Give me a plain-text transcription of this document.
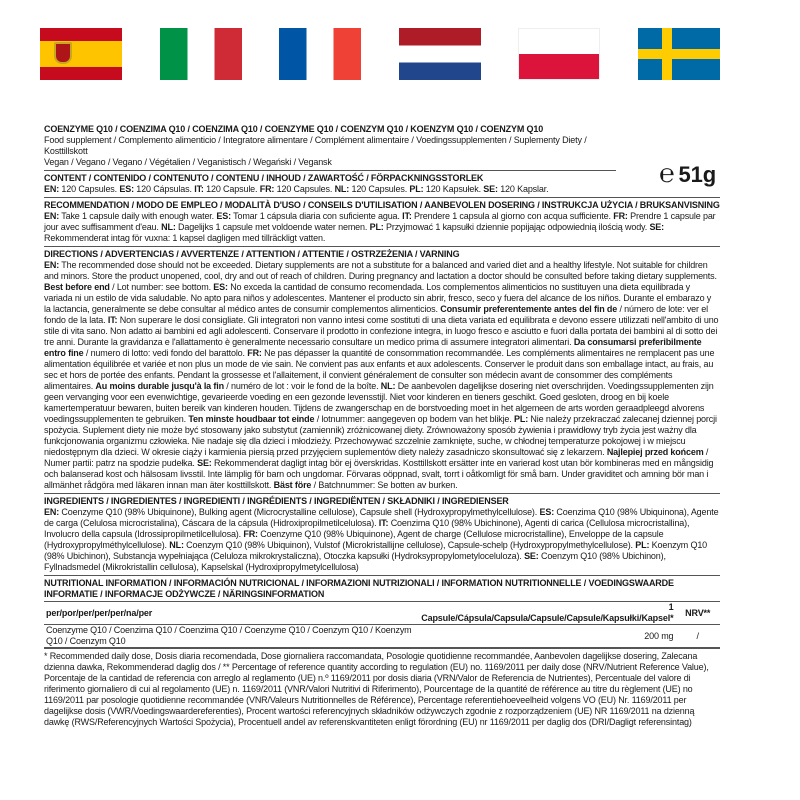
COENZYME Q10 / COENZIMA Q10 / COENZIMA Q10 / COENZYME Q10 / COENZYM Q10 / KOENZYM Q10 / COENZYM Q10

Food supplement / Complemento alimenticio / Integratore alimentare / Complément alimentaire / Voedingssupplementen / Suplementy Diety / Kosttillskott

Vegan / Vegano / Vegano / Végétalien / Veganistisch / Wegański / Vegansk

CONTENT / CONTENIDO / CONTENUTO / CONTENU / INHOUD / ZAWARTOŚĆ / FÖRPACKNINGSSTORLEK

EN: 120 Capsules. ES: 120 Cápsulas. IT: 120 Capsule. FR: 120 Capsules. NL: 120 Capsules. PL: 120 Kapsułek. SE: 120 Kapslar.

℮ 51g

RECOMMENDATION / MODO DE EMPLEO / MODALITÀ D'USO / CONSEILS D'UTILISATION / AANBEVOLEN DOSERING / INSTRUKCJA UŻYCIA / BRUKSANVISNING

EN: Take 1 capsule daily with enough water. ES: Tomar 1 cápsula diaria con suficiente agua. IT: Prendere 1 capsula al giorno con acqua sufficiente. FR: Prendre 1 capsule par jour avec suffisamment d'eau. NL: Dagelijks 1 capsule met voldoende water nemen. PL: Przyjmować 1 kapsułki dziennie popijając odpowiednią ilością wody. SE: Rekommenderat intag för vuxna: 1 kapsel dagligen med tillräckligt vatten.

DIRECTIONS / ADVERTENCIAS / AVVERTENZE / ATTENTION / ATTENTIE / OSTRZEŻENIA / VARNING

EN: The recommended dose should not be exceeded. Dietary supplements are not a substitute for a balanced and varied diet and a healthy lifestyle. Not suitable for children and minors. Store the product unopened, cool, dry and out of reach of children. During pregnancy and lactation a doctor should be consulted before taking dietary supplements. Best before end / Lot number: see bottom. ES: No exceda la cantidad de consumo recomendada. Los complementos alimenticios no sustituyen una dieta equilibrada y variada ni un estilo de vida saludable. No apto para niños y adolescentes. Mantener el producto sin abrir, fresco, seco y fuera del alcance de los niños. Durante el embarazo y la lactancia, generalmente se debe consultar al médico antes de consumir complementos alimenticios. Consumir preferentemente antes del fin de / número de lote: ver el fondo de la lata. IT: Non superare le dosi consigliate. Gli integratori non vanno intesi come sostituti di una dieta variata ed equilibrata e devono essere utilizzati nell'ambito di uno stile di vita sano. Non adatto ai bambini ed agli adolescenti. Conservare il prodotto in confezione integra, in luogo fresco e asciutto e fuori dalla portata dei bambini al di sotto dei tre anni. Durante la gravidanza e l'allattamento è generalmente necessario consultare un medico prima di assumere integratori alimentari. Da consumarsi preferibilmente entro fine / numero di lotto: vedi fondo del barattolo. FR: Ne pas dépasser la quantité de consommation recommandée. Les compléments alimentaires ne remplacent pas une alimentation équilibrée et variée et non plus un mode de vie sain. Ne convient pas aux enfants et aux adolescents. Conserver le produit dans son emballage intact, au frais, au sec et hors de portée des enfants. Pendant la grossesse et l'allaitement, il convient généralement de consulter son médecin avant de consommer des compléments alimentaires. Au moins durable jusqu'à la fin / numéro de lot : voir le fond de la boîte. NL: De aanbevolen dagelijkse dosering niet overschrijden. Voedingssupplementen zijn geen vervanging voor een evenwichtige, gevarieerde voeding en een gezonde levensstijl. Niet voor kinderen en tieners geschikt. Goed gesloten, droog en bij koele kamertemperatuur bewaren, buiten bereik van kinderen houden. Tijdens de zwangerschap en de borstvoeding moet in het algemeen de arts worden geraadpleegd alvorens voedingssupplementen te gebruiken. Ten minste houdbaar tot einde / lotnummer: aangegeven op bodem van het blikje. PL: Nie należy przekraczać zalecanej dziennej porcji spożycia. Suplement diety nie może być stosowany jako substytut (zamiennik) zróżnicowanej diety. Zrównoważony sposób żywienia i prawidłowy tryb życia jest ważny dla funkcjonowania organizmu człowieka. Nie nadaje się dla dzieci i młodzieży. Przechowywać szczelnie zamknięte, suche, w chłodnej temperaturze pokojowej i w miejscu niedostępnym dla dzieci. W okresie ciąży i karmienia piersią przed przyjęciem suplementów diety należy zasadniczo skonsultować się z lekarzem. Najlepiej przed końcem / Numer partii: patrz na spodzie pudełka. SE: Rekommenderat dagligt intag bör ej överskridas. Kosttillskott ersätter inte en varierad kost utan bör kombineras med en mångsidig och balanserad kost och hälsosam livsstil. Inte lämplig för barn och ungdomar. Förvaras oöppnad, svalt, torrt i oåtkomligt för små barn. Under graviditet och amning bör man i allmänhet rådgöra med läkaren innan man äter kosttillskott. Bäst före / Batchnummer: Se botten av burken.

INGREDIENTS / INGREDIENTES / INGREDIENTI / INGRÉDIENTS / INGREDIËNTEN / SKŁADNIKI / INGREDIENSER

EN: Coenzyme Q10 (98% Ubiquinone), Bulking agent (Microcrystalline cellulose), Capsule shell (Hydroxypropylmethylcellulose). ES: Coenzima Q10 (98% Ubiquinona), Agente de carga (Celulosa microcristalina), Cáscara de la cápsula (Hidroxipropilmetilcelulosa). IT: Coenzima Q10 (98% Ubichinone), Agenti di carica (Cellulosa microcristallina), Involucro della capsula (Idrossipropilmetilcellulosa). FR: Coenzyme Q10 (98% Ubiquinone), Agent de charge (Cellulose microcristalline), Enveloppe de la capsule (Hydroxypropylméthylcellulose). NL: Coenzym Q10 (98% Ubiquinon), Vulstof (Microkristallijne cellulose), Capsule-schelp (Hydroxypropylmethylcellulose). PL: Koenzym Q10 (98% Ubichinon), Substancja wypełniająca (Celuloza mikrokrystaliczna), Otoczka kapsułki (Hydroksypropylometyloceluloza). SE: Coenzym Q10 (98% Ubichinon), Fyllnadsmedel (Mikrokristallin cellulosa), Kapselskal (Hydroxipropylmetylcellulosa)

NUTRITIONAL INFORMATION / INFORMACIÓN NUTRICIONAL / INFORMAZIONI NUTRIZIONALI / INFORMATION NUTRITIONNELLE / VOEDINGSWAARDE INFORMATIE / INFORMACJE ODŻYWCZE / NÄRINGSINFORMATION

per/por/per/per/per/na/per	1 Capsule/Cápsula/Capsula/Capsule/Capsule/Kapsułki/Kapsel*	NRV**
Coenzyme Q10 / Coenzima Q10 / Coenzima Q10 / Coenzyme Q10 / Coenzym Q10 / Koenzym Q10 / Coenzym Q10	200 mg	/

* Recommended daily dose, Dosis diaria recomendada, Dose giornaliera raccomandata, Posologie quotidienne recommandée, Aanbevolen dagelijkse dosering, Zalecana dzienna dawka, Rekommenderad daglig dos / ** Percentage of reference quantity according to regulation (EU) no. 1169/2011 per daily dose (NRV/Nutrient Reference Value), Porcentaje de la cantidad de referencia con arreglo al reglamento (UE) n.º 1169/2011 por dosis diaria (VRN/Valor de Referencia de Nutrientes), Percentuale del valore di riferimento giornaliero di cui al regolamento (UE) n. 1169/2011 (VNR/Valori Nutritivi di Riferimento), Pourcentage de la quantité de référence au titre du règlement (UE) no 1169/2011 par posologie quotidienne recommandée (VNR/Valeurs Nutritionnelles de Référence), Percentage referentiehoeveelheid volgens VO (EU) Nr. 1169/2011 per dagelijkse dosis (VWR/Voedingswaardereferenties), Procent wartości referencyjnych składników odżywczych zgodnie z rozporządzeniem (UE) NR 1169/2011 na dzienną dawkę (RWS/Referencyjnych Wartości Spożycia), Procentuell andel av referenskvantiteten enligt förordning (EU) nr 1169/2011 per daglig dos (DRI/Dagligt referensintag)
